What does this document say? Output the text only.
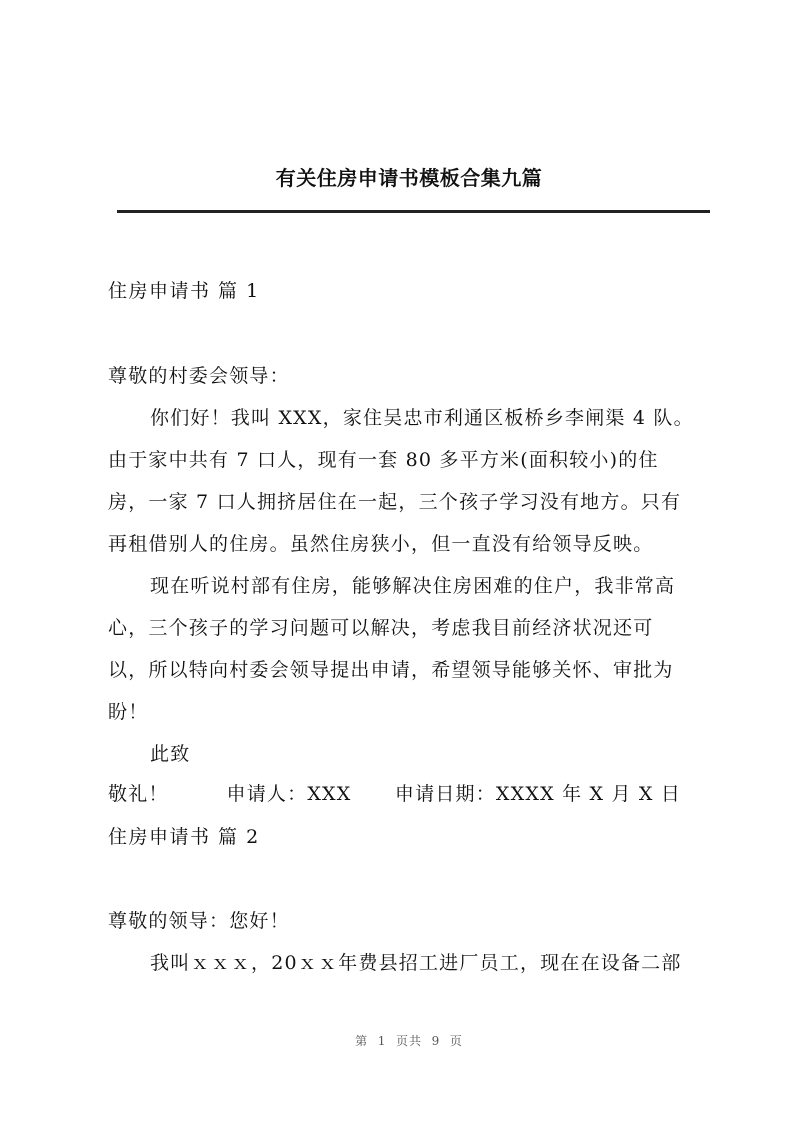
有关住房申请书模板合集九篇
住房申请书 篇 1
尊敬的村委会领导：
你们好！我叫 XXX，家住吴忠市利通区板桥乡李闸渠 4 队。
由于家中共有 7 口人，现有一套 80 多平方米(面积较小)的住
房，一家 7 口人拥挤居住在一起，三个孩子学习没有地方。只有
再租借别人的住房。虽然住房狭小，但一直没有给领导反映。
现在听说村部有住房，能够解决住房困难的住户，我非常高
心，三个孩子的学习问题可以解决，考虑我目前经济状况还可
以，所以特向村委会领导提出申请，希望领导能够关怀、审批为
盼！
此致
敬礼！        申请人：XXX      申请日期：XXXX 年 X 月 X 日
住房申请书 篇 2
尊敬的领导：您好！
我叫ｘｘｘ，20ｘｘ年费县招工进厂员工，现在在设备二部
第  1  页共  9  页
